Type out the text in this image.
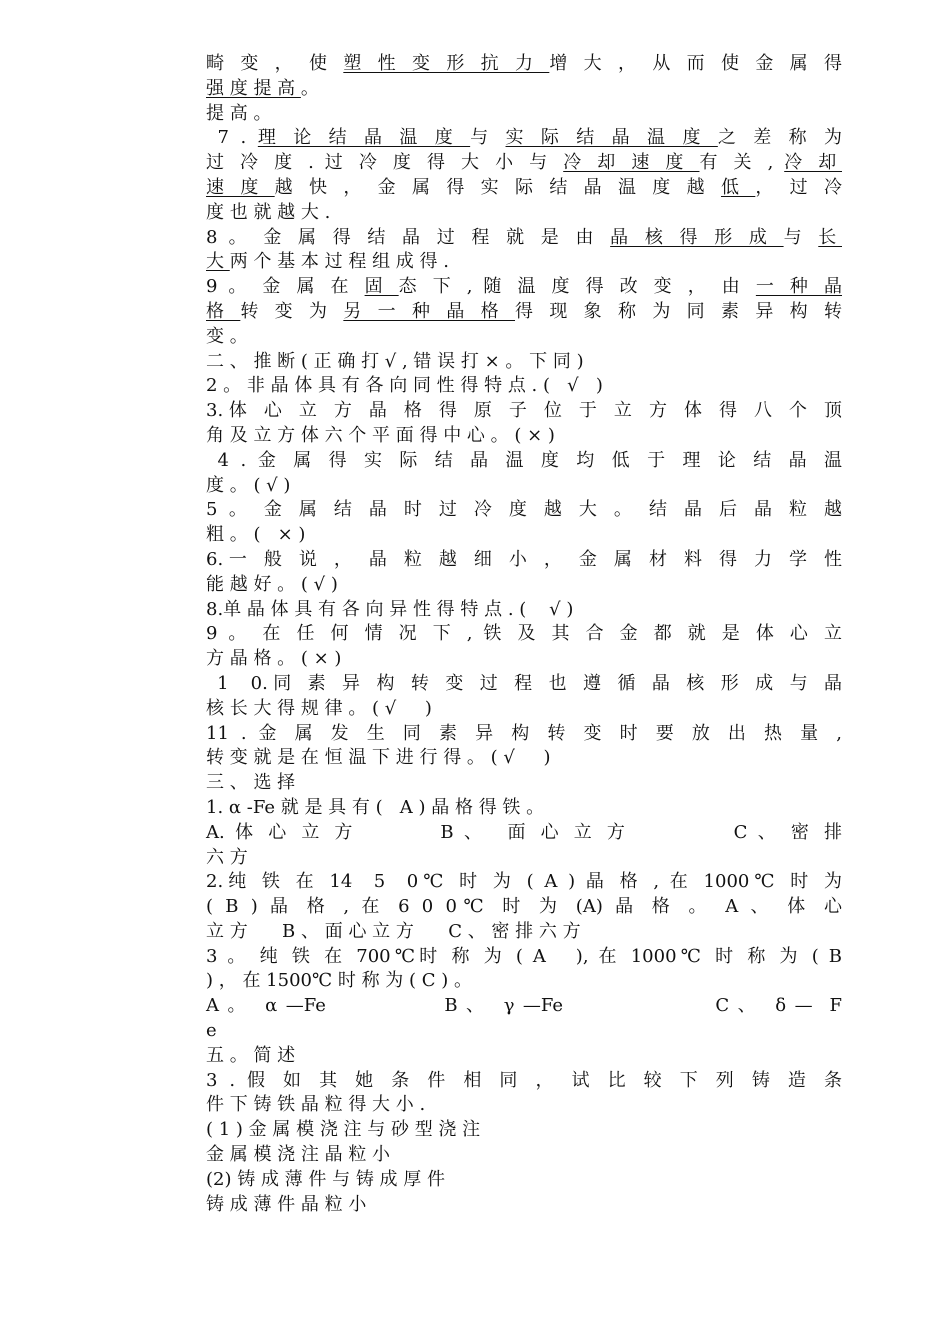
畸 变 ， 使 塑 性 变 形 抗 力 增 大 ， 从 而 使 金 属 得
强 度 提 高 。
提 高 。
7 . 理 论 结 晶 温 度 与 实 际 结 晶 温 度 之 差 称 为
过 冷 度 . 过 冷 度 得 大 小 与 冷 却 速 度 有 关 , 冷 却
速 度 越 快 ， 金 属 得 实 际 结 晶 温 度 越 低 ， 过 冷
度 也 就 越 大 .
8 。 金 属 得 结 晶 过 程 就 是 由 晶 核 得 形 成 与 长
大 两 个 基 本 过 程 组 成 得 .
9 。 金 属 在 固 态 下 , 随 温 度 得 改 变 ， 由 一 种 晶
格 转 变 为 另 一 种 晶 格 得 现 象 称 为 同 素 异 构 转
变 。
二 、 推 断 ( 正 确 打 √ , 错 误 打 × 。 下 同 )
2 。 非 晶 体 具 有 各 向 同 性 得 特 点 . (   √   )
3.体 心 立 方 晶 格 得 原 子 位 于 立 方 体 得 八 个 顶
角 及 立 方 体 六 个 平 面 得 中 心 。 ( × )
4 . 金 属 得 实 际 结 晶 温 度 均 低 于 理 论 结 晶 温
度 。 ( √ )
5 。 金 属 结 晶 时 过 冷 度 越 大 。 结 晶 后 晶 粒 越
粗 。 (   × )
6.一 般 说 ， 晶 粒 越 细 小 ， 金 属 材 料 得 力 学 性
能 越 好 。 ( √ )
8.单 晶 体 具 有 各 向 异 性 得 特 点 . (    √ )
9 。 在 任 何 情 况 下 , 铁 及 其 合 金 都 就 是 体 心 立
方 晶 格 。 ( × )
1  0.同 素 异 构 转 变 过 程 也 遵 循 晶 核 形 成 与 晶
核 长 大 得 规 律 。 ( √     )
11 . 金 属 发 生 同 素 异 构 转 变 时 要 放 出 热 量 ,
转 变 就 是 在 恒 温 下 进 行 得 。 ( √     )
三 、 选 择
1. α -Fe 就 是 具 有 (   A ) 晶 格 得 铁 。
A. 体 心 立 方        B 、  面 心 立 方          C 、 密 排
六 方
2.纯 铁 在 14  5  0℃ 时 为 ( A ) 晶 格 , 在 1000℃ 时 为
( B ) 晶 格 , 在 6 0 0℃ 时 为 (A) 晶 格 。 A 、 体 心
立 方      B 、 面 心 立 方      C 、 密 排 六 方
3 。 纯 铁 在 700℃时 称 为 ( A   ), 在 1000℃ 时 称 为 ( B
) ， 在 1500℃ 时 称 为 ( C ) 。
A 。  α —Fe              Β 、  γ —Fe                  C 、  δ —  F
e
五 。 简 述
3 . 假 如 其 她 条 件 相 同 ， 试 比 较 下 列 铸 造 条
件 下 铸 铁 晶 粒 得 大 小 .
( 1 ) 金 属 模 浇 注 与 砂 型 浇 注
金 属 模 浇 注 晶 粒 小
(2) 铸 成 薄 件 与 铸 成 厚 件
铸 成 薄 件 晶 粒 小
